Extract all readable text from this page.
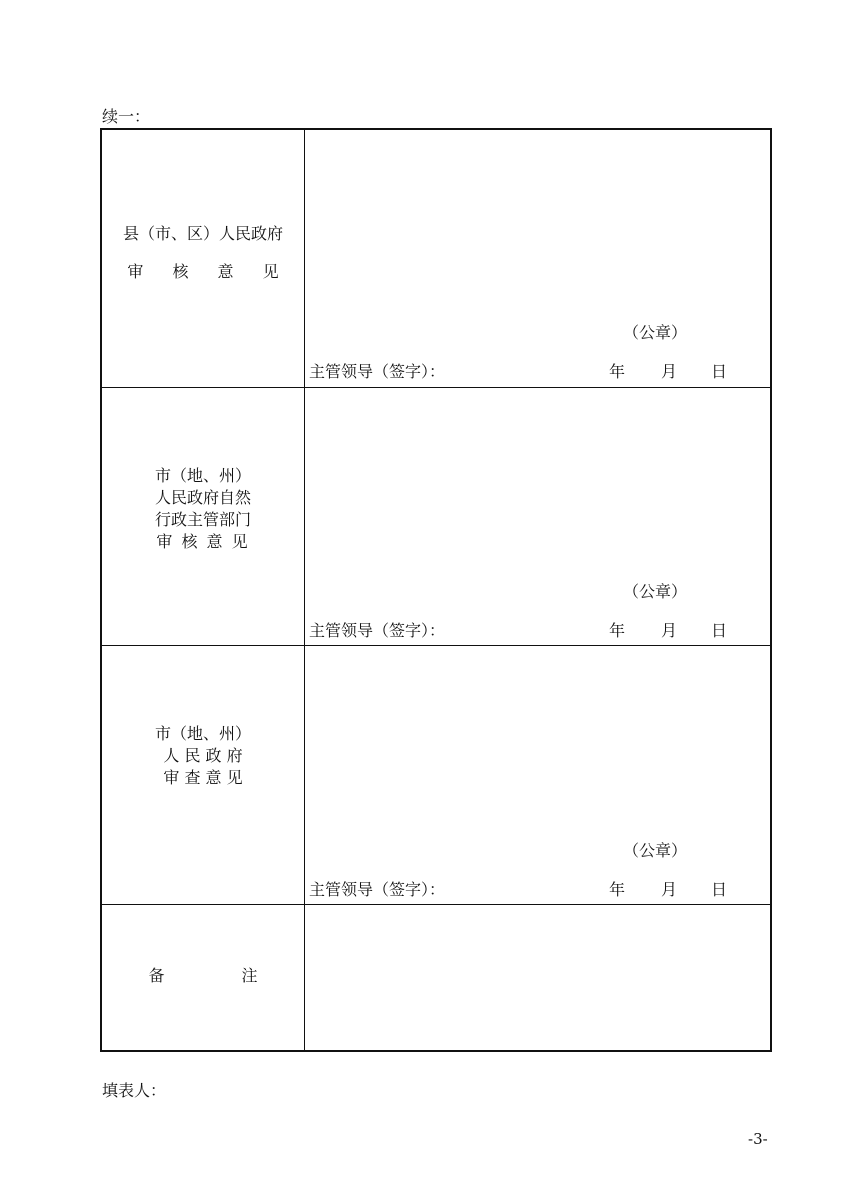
续一：
县（市、区）人民政府
审 核 意 见
（公章）
主管领导（签字）：	年 月 日
市（地、州）
人民政府自然
行政主管部门
审 核 意 见
（公章）
主管领导（签字）：	年 月 日
市（地、州）
人 民 政 府
审 查 意 见
（公章）
主管领导（签字）：	年 月 日
备 注
填表人：
-3-
